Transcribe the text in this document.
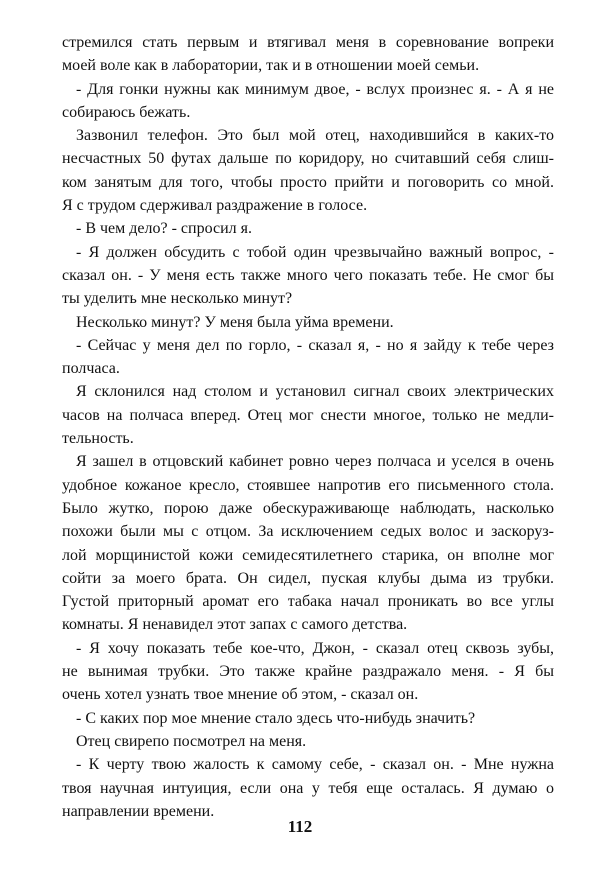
стремился стать первым и втягивал меня в соревнование вопреки
моей воле как в лаборатории, так и в отношении моей семьи.
- Для гонки нужны как минимум двое, - вслух произнес я. - А я не
собираюсь бежать.
Зазвонил телефон. Это был мой отец, находившийся в каких-то
несчастных 50 футах дальше по коридору, но считавший себя слиш-
ком занятым для того, чтобы просто прийти и поговорить со мной.
Я с трудом сдерживал раздражение в голосе.
- В чем дело? - спросил я.
- Я должен обсудить с тобой один чрезвычайно важный вопрос, -
сказал он. - У меня есть также много чего показать тебе. Не смог бы
ты уделить мне несколько минут?
Несколько минут? У меня была уйма времени.
- Сейчас у меня дел по горло, - сказал я, - но я зайду к тебе через
полчаса.
Я склонился над столом и установил сигнал своих электрических
часов на полчаса вперед. Отец мог снести многое, только не медли-
тельность.
Я зашел в отцовский кабинет ровно через полчаса и уселся в очень
удобное кожаное кресло, стоявшее напротив его письменного стола.
Было жутко, порою даже обескураживающе наблюдать, насколько
похожи были мы с отцом. За исключением седых волос и заскоруз-
лой морщинистой кожи семидесятилетнего старика, он вполне мог
сойти за моего брата. Он сидел, пуская клубы дыма из трубки.
Густой приторный аромат его табака начал проникать во все углы
комнаты. Я ненавидел этот запах с самого детства.
- Я хочу показать тебе кое-что, Джон, - сказал отец сквозь зубы,
не вынимая трубки. Это также крайне раздражало меня. - Я бы
очень хотел узнать твое мнение об этом, - сказал он.
- С каких пор мое мнение стало здесь что-нибудь значить?
Отец свирепо посмотрел на меня.
- К черту твою жалость к самому себе, - сказал он. - Мне нужна
твоя научная интуиция, если она у тебя еще осталась. Я думаю о
направлении времени.
112
